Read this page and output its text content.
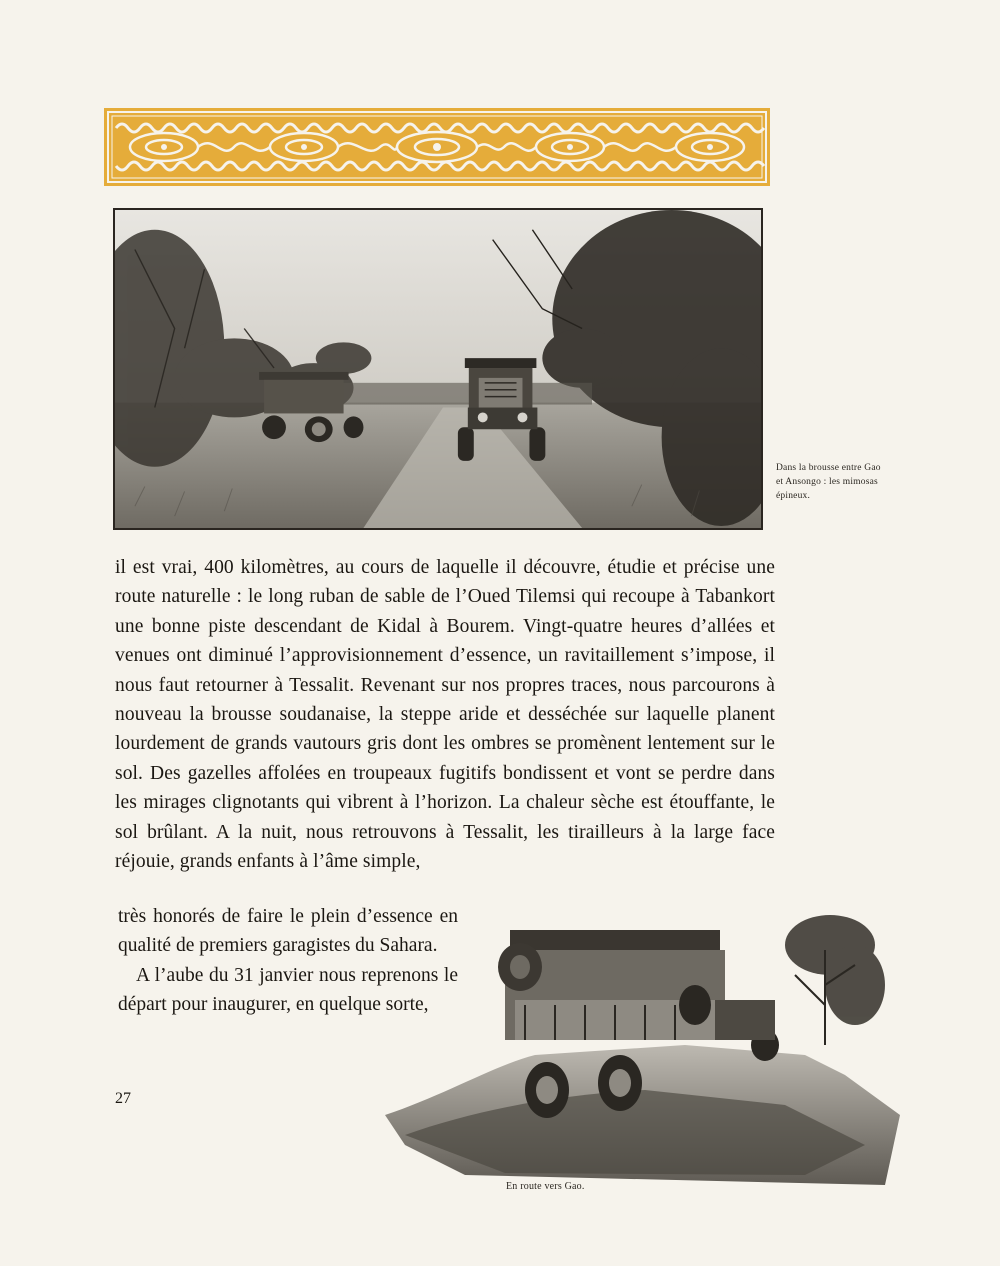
Dans la brousse entre Gao et Ansongo : les mimosas épineux.
il est vrai, 400 kilomètres, au cours de laquelle il découvre, étudie et précise une route naturelle : le long ruban de sable de l’Oued Tilemsi qui recoupe à Tabankort une bonne piste descendant de Kidal à Bourem. Vingt-quatre heures d’allées et venues ont diminué l’approvisionnement d’essence, un ravitaillement s’impose, il nous faut retourner à Tessalit. Revenant sur nos propres traces, nous parcourons à nouveau la brousse soudanaise, la steppe aride et desséchée sur laquelle planent lourdement de grands vautours gris dont les ombres se promènent lentement sur le sol. Des gazelles affolées en troupeaux fugitifs bondissent et vont se perdre dans les mirages clignotants qui vibrent à l’horizon. La chaleur sèche est étouffante, le sol brûlant. A la nuit, nous retrouvons à Tessalit, les tirailleurs à la large face réjouie, grands enfants à l’âme simple,

très honorés de faire le plein d’essence en qualité de premiers garagistes du Sahara.

A l’aube du 31 janvier nous reprenons le départ pour inaugurer, en quelque sorte,

27
En route vers Gao.
